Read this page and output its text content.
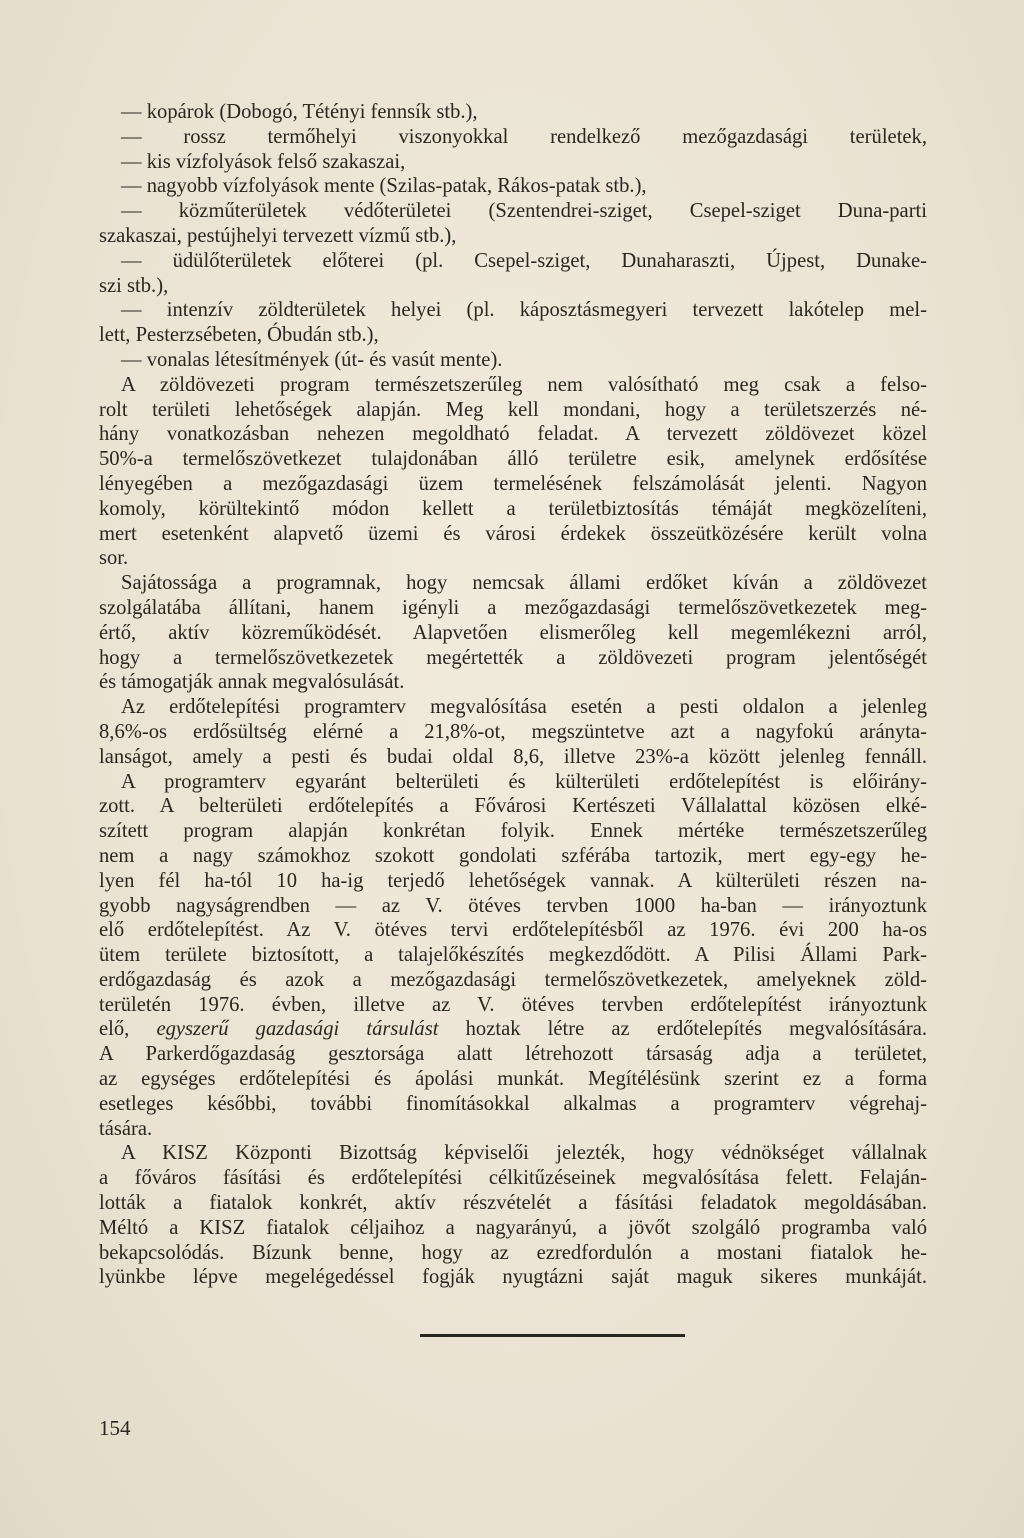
— kopárok (Dobogó, Tétényi fennsík stb.),
— rossz termőhelyi viszonyokkal rendelkező mezőgazdasági területek,
— kis vízfolyások felső szakaszai,
— nagyobb vízfolyások mente (Szilas-patak, Rákos-patak stb.),
— közműterületek védőterületei (Szentendrei-sziget, Csepel-sziget Duna-parti
szakaszai, pestújhelyi tervezett vízmű stb.),
— üdülőterületek előterei (pl. Csepel-sziget, Dunaharaszti, Újpest, Dunake-
szi stb.),
— intenzív zöldterületek helyei (pl. káposztásmegyeri tervezett lakótelep mel-
lett, Pesterzsébeten, Óbudán stb.),
— vonalas létesítmények (út- és vasút mente).
A zöldövezeti program természetszerűleg nem valósítható meg csak a felso-
rolt területi lehetőségek alapján. Meg kell mondani, hogy a területszerzés né-
hány vonatkozásban nehezen megoldható feladat. A tervezett zöldövezet közel
50%-a termelőszövetkezet tulajdonában álló területre esik, amelynek erdősítése
lényegében a mezőgazdasági üzem termelésének felszámolását jelenti. Nagyon
komoly, körültekintő módon kellett a területbiztosítás témáját megközelíteni,
mert esetenként alapvető üzemi és városi érdekek összeütközésére került volna
sor.
Sajátossága a programnak, hogy nemcsak állami erdőket kíván a zöldövezet
szolgálatába állítani, hanem igényli a mezőgazdasági termelőszövetkezetek meg-
értő, aktív közreműködését. Alapvetően elismerőleg kell megemlékezni arról,
hogy a termelőszövetkezetek megértették a zöldövezeti program jelentőségét
és támogatják annak megvalósulását.
Az erdőtelepítési programterv megvalósítása esetén a pesti oldalon a jelenleg
8,6%-os erdősültség elérné a 21,8%-ot, megszüntetve azt a nagyfokú arányta-
lanságot, amely a pesti és budai oldal 8,6, illetve 23%-a között jelenleg fennáll.
A programterv egyaránt belterületi és külterületi erdőtelepítést is előirány-
zott. A belterületi erdőtelepítés a Fővárosi Kertészeti Vállalattal közösen elké-
szített program alapján konkrétan folyik. Ennek mértéke természetszerűleg
nem a nagy számokhoz szokott gondolati szférába tartozik, mert egy-egy he-
lyen fél ha-tól 10 ha-ig terjedő lehetőségek vannak. A külterületi részen na-
gyobb nagyságrendben — az V. ötéves tervben 1000 ha-ban — irányoztunk
elő erdőtelepítést. Az V. ötéves tervi erdőtelepítésből az 1976. évi 200 ha-os
ütem területe biztosított, a talajelőkészítés megkezdődött. A Pilisi Állami Park-
erdőgazdaság és azok a mezőgazdasági termelőszövetkezetek, amelyeknek zöld-
területén 1976. évben, illetve az V. ötéves tervben erdőtelepítést irányoztunk
elő, egyszerű gazdasági társulást hoztak létre az erdőtelepítés megvalósítására.
A Parkerdőgazdaság gesztorsága alatt létrehozott társaság adja a területet,
az egységes erdőtelepítési és ápolási munkát. Megítélésünk szerint ez a forma
esetleges későbbi, további finomításokkal alkalmas a programterv végrehaj-
tására.
A KISZ Központi Bizottság képviselői jelezték, hogy védnökséget vállalnak
a főváros fásítási és erdőtelepítési célkitűzéseinek megvalósítása felett. Felaján-
lották a fiatalok konkrét, aktív részvételét a fásítási feladatok megoldásában.
Méltó a KISZ fiatalok céljaihoz a nagyarányú, a jövőt szolgáló programba való
bekapcsolódás. Bízunk benne, hogy az ezredfordulón a mostani fiatalok he-
lyünkbe lépve megelégedéssel fogják nyugtázni saját maguk sikeres munkáját.
154
